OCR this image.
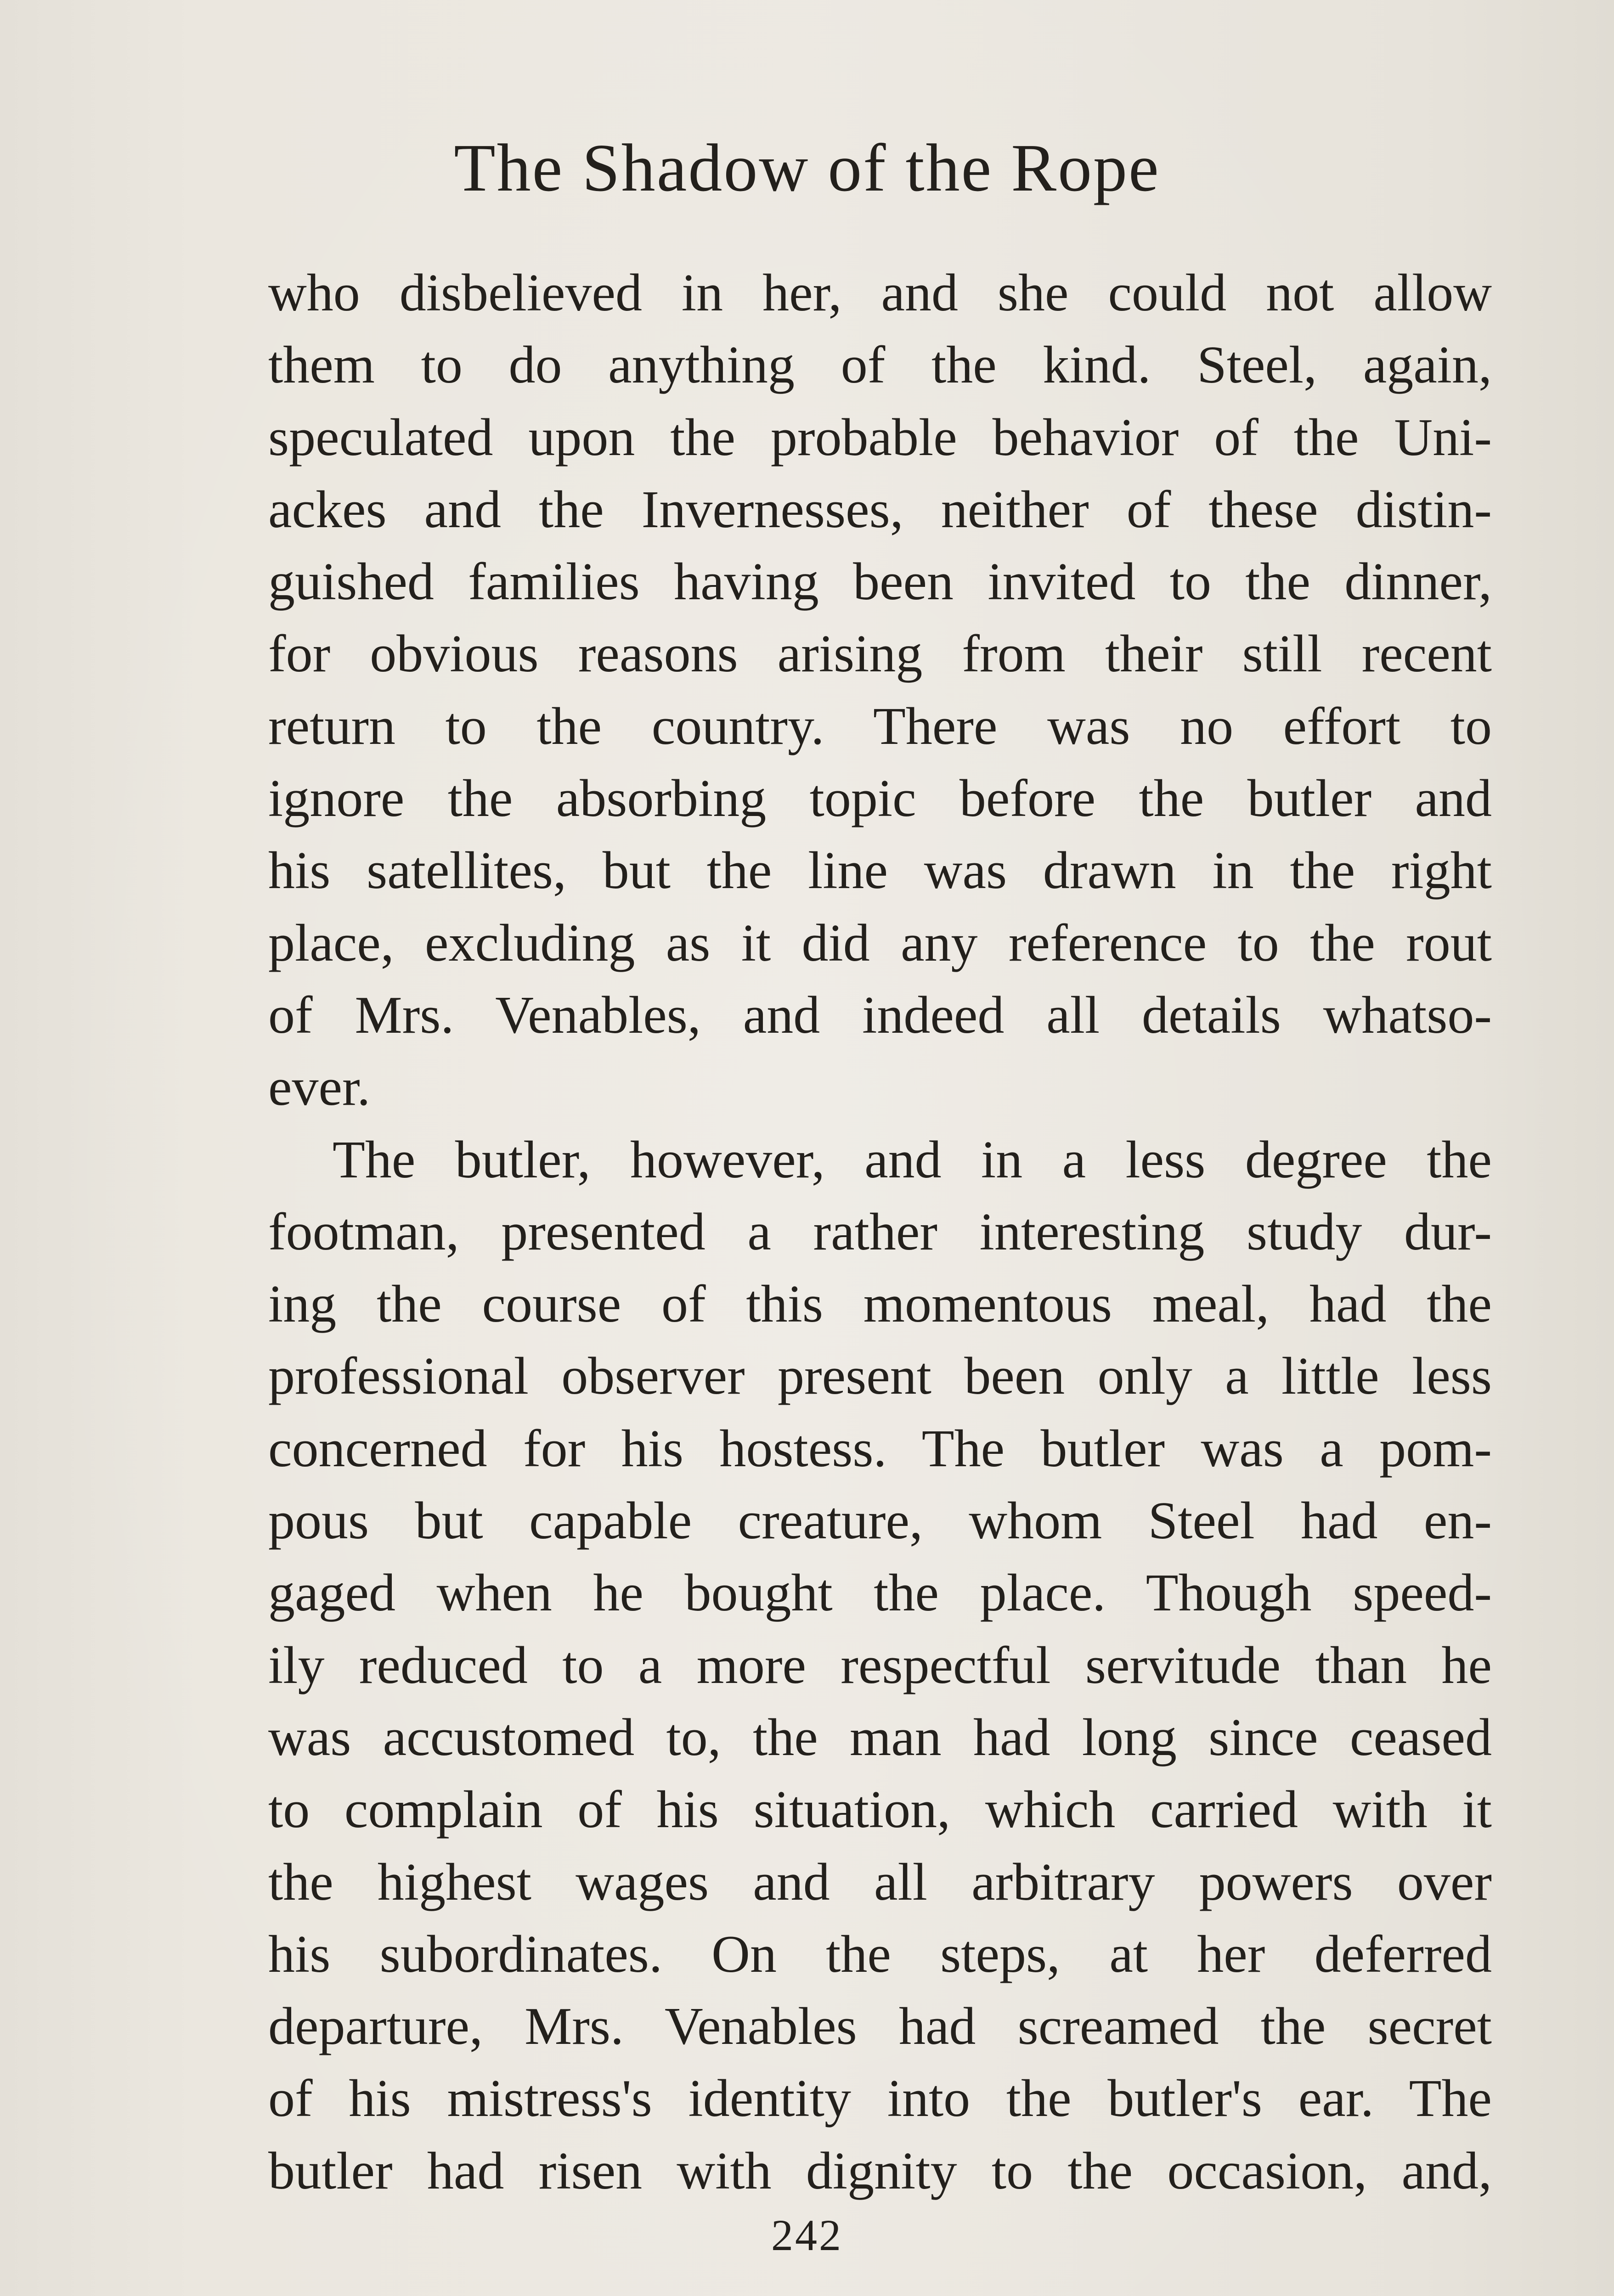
The Shadow of the Rope
who disbelieved in her, and she could not allow
them to do anything of the kind. Steel, again,
speculated upon the probable behavior of the Uni-
ackes and the Invernesses, neither of these distin-
guished families having been invited to the dinner,
for obvious reasons arising from their still recent
return to the country. There was no effort to
ignore the absorbing topic before the butler and
his satellites, but the line was drawn in the right
place, excluding as it did any reference to the rout
of Mrs. Venables, and indeed all details whatso-
ever.
The butler, however, and in a less degree the
footman, presented a rather interesting study dur-
ing the course of this momentous meal, had the
professional observer present been only a little less
concerned for his hostess. The butler was a pom-
pous but capable creature, whom Steel had en-
gaged when he bought the place. Though speed-
ily reduced to a more respectful servitude than he
was accustomed to, the man had long since ceased
to complain of his situation, which carried with it
the highest wages and all arbitrary powers over
his subordinates. On the steps, at her deferred
departure, Mrs. Venables had screamed the secret
of his mistress's identity into the butler's ear. The
butler had risen with dignity to the occasion, and,
242
